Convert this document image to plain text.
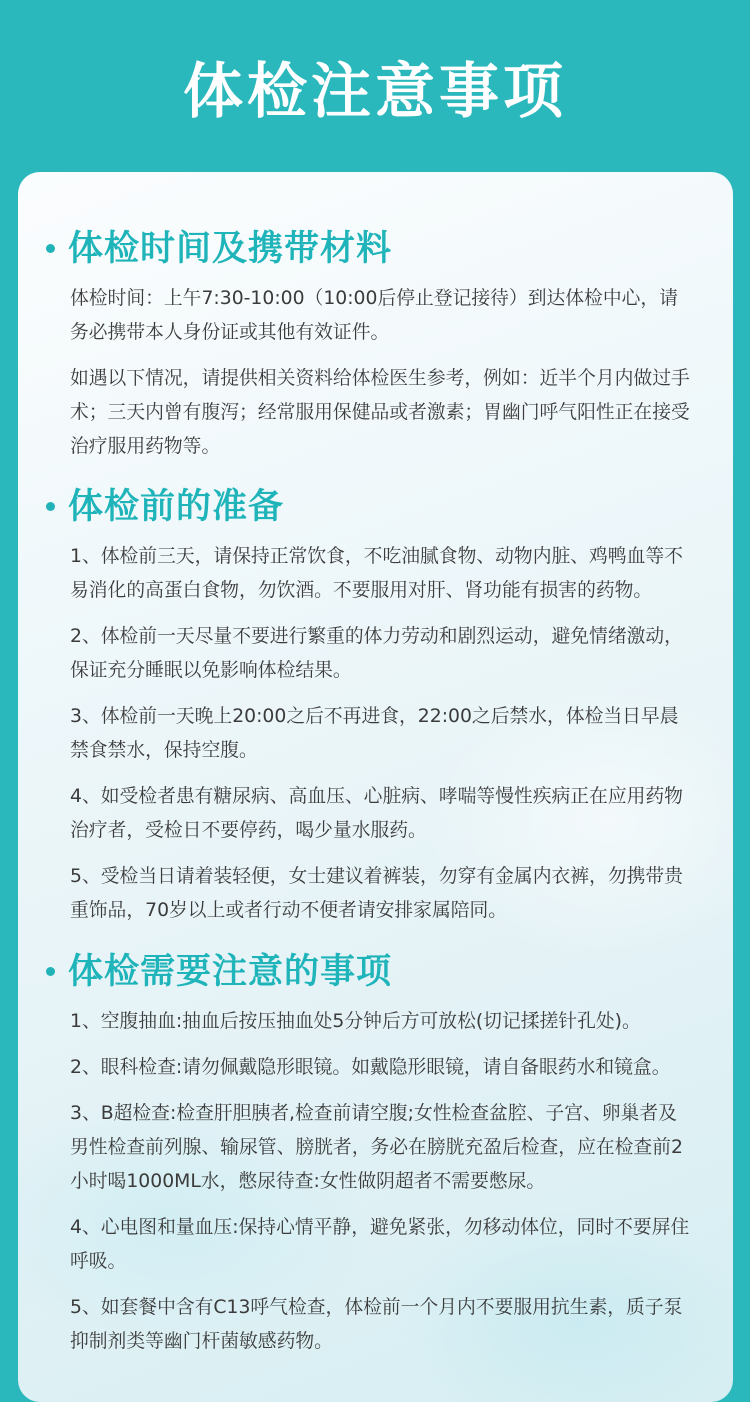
体检注意事项
体检时间及携带材料

体检时间：上午7:30-10:00（10:00后停止登记接待）到达体检中心，请务必携带本人身份证或其他有效证件。

如遇以下情况，请提供相关资料给体检医生参考，例如：近半个月内做过手术；三天内曾有腹泻；经常服用保健品或者激素；胃幽门呼气阳性正在接受治疗服用药物等。

体检前的准备

1、体检前三天，请保持正常饮食，不吃油腻食物、动物内脏、鸡鸭血等不易消化的高蛋白食物，勿饮酒。不要服用对肝、肾功能有损害的药物。

2、体检前一天尽量不要进行繁重的体力劳动和剧烈运动，避免情绪激动，保证充分睡眠以免影响体检结果。

3、体检前一天晚上20:00之后不再进食，22:00之后禁水，体检当日早晨禁食禁水，保持空腹。

4、如受检者患有糖尿病、高血压、心脏病、哮喘等慢性疾病正在应用药物治疗者，受检日不要停药，喝少量水服药。

5、受检当日请着装轻便，女士建议着裤装，勿穿有金属内衣裤，勿携带贵重饰品，70岁以上或者行动不便者请安排家属陪同。

体检需要注意的事项

1、空腹抽血:抽血后按压抽血处5分钟后方可放松(切记揉搓针孔处)。

2、眼科检查:请勿佩戴隐形眼镜。如戴隐形眼镜，请自备眼药水和镜盒。

3、B超检查:检查肝胆胰者,检查前请空腹;女性检查盆腔、子宫、卵巢者及男性检查前列腺、输尿管、膀胱者，务必在膀胱充盈后检查，应在检查前2小时喝1000ML水，憋尿待查:女性做阴超者不需要憋尿。

4、心电图和量血压:保持心情平静，避免紧张，勿移动体位，同时不要屏住呼吸。

5、如套餐中含有C13呼气检查，体检前一个月内不要服用抗生素，质子泵抑制剂类等幽门杆菌敏感药物。
